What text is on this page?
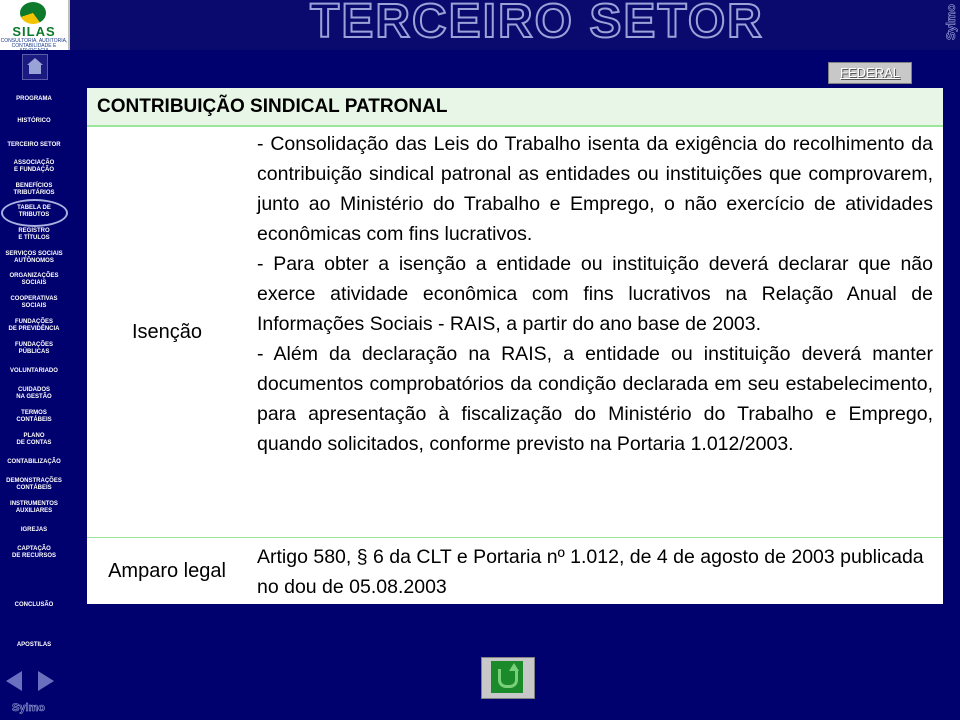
SILAS
CONSULTORIA, AUDITORIA, CONTABILIDADE E	TERCEIRO SETOR	Sylmo
PROGRAMA
HISTÓRICO
TERCEIRO SETOR
ASSOCIAÇÃO
E FUNDAÇÃO
BENEFÍCIOS
TRIBUTÁRIOS
TABELA DE
TRIBUTOS
REGISTRO
E TÍTULOS
SERVIÇOS SOCIAIS
AUTÔNOMOS
ORGANIZAÇÕES
SOCIAIS
COOPERATIVAS
SOCIAIS
FUNDAÇÕES
DE PREVIDÊNCIA
FUNDAÇÕES
PÚBLICAS
VOLUNTARIADO
CUIDADOS
NA GESTÃO
TERMOS
CONTÁBEIS
PLANO
DE CONTAS
CONTABILIZAÇÃO
DEMONSTRAÇÕES
CONTÁBEIS
INSTRUMENTOS
AUXILIARES
IGREJAS
CAPTAÇÃO
DE RECURSOS
CONCLUSÃO
APOSTILAS
Sylmo
FEDERAL
CONTRIBUIÇÃO SINDICAL PATRONAL
Isenção
- Consolidação das Leis do Trabalho isenta da exigência do recolhimento da contribuição sindical patronal as entidades ou instituições que comprovarem, junto ao Ministério do Trabalho e Emprego, o não exercício de atividades econômicas com fins lucrativos.
- Para obter a isenção a entidade ou instituição deverá declarar que não exerce atividade econômica com fins lucrativos na Relação Anual de Informações Sociais - RAIS, a partir do ano base de 2003.
- Além da declaração na RAIS, a entidade ou instituição deverá manter documentos comprobatórios da condição declarada em seu estabelecimento, para apresentação à fiscalização do Ministério do Trabalho e Emprego, quando solicitados, conforme previsto na Portaria 1.012/2003.
Amparo legal
Artigo 580, § 6 da CLT e Portaria nº 1.012, de 4 de agosto de 2003 publicada no dou de 05.08.2003
